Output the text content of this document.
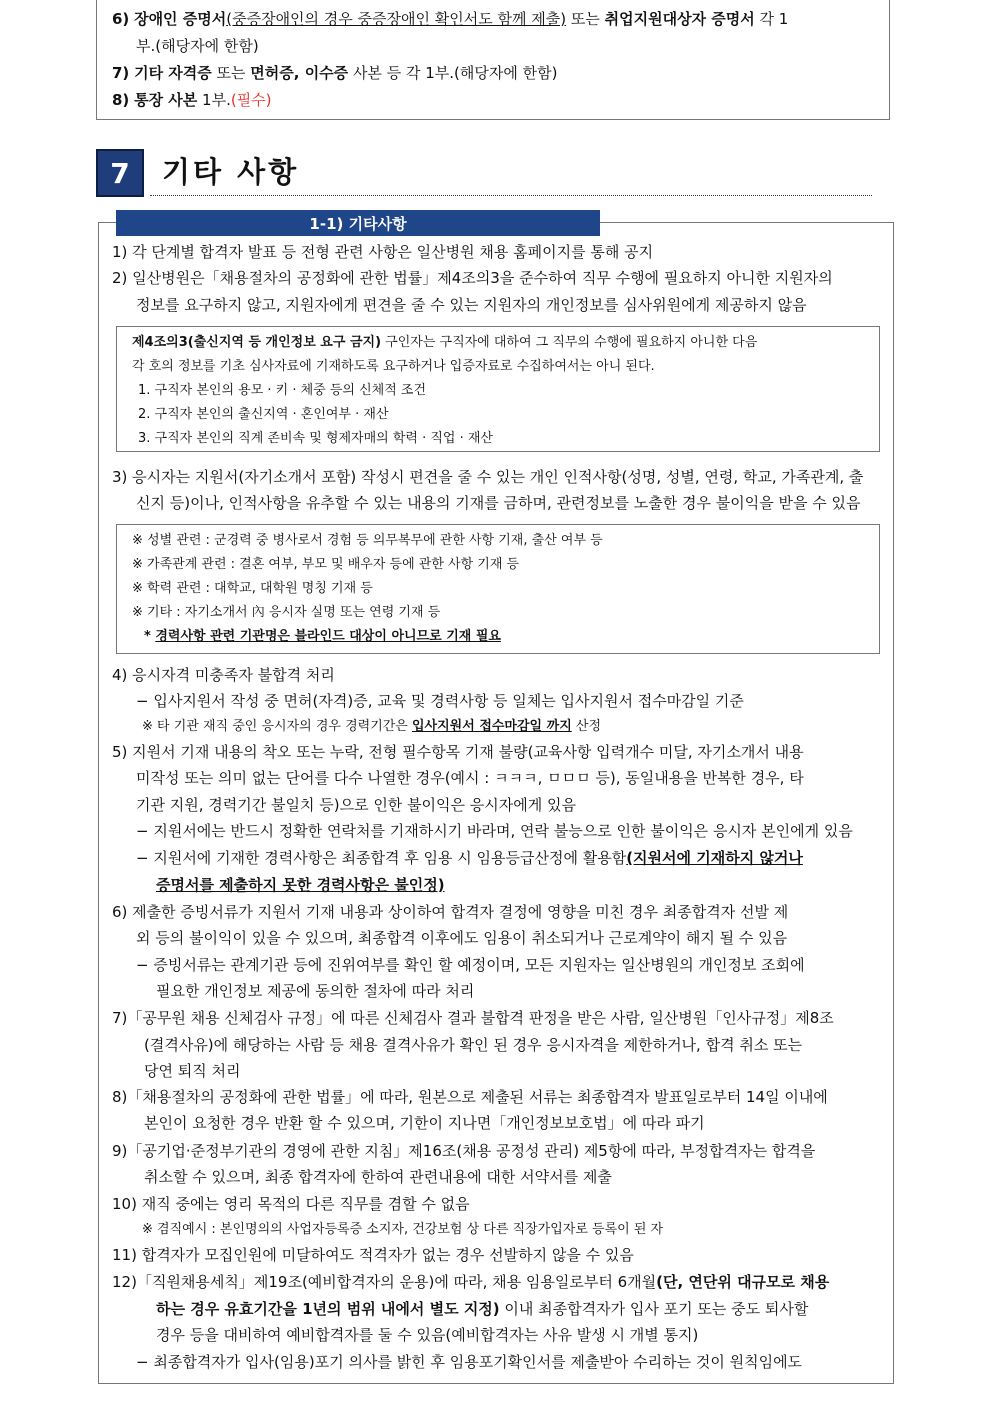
6) 장애인 증명서(중증장애인의 경우 중증장애인 확인서도 함께 제출) 또는 취업지원대상자 증명서 각 1
부.(해당자에 한함)
7) 기타 자격증 또는 면허증, 이수증 사본 등 각 1부.(해당자에 한함)
8) 통장 사본 1부.(필수)
7	기타 사항
1-1) 기타사항
1) 각 단계별 합격자 발표 등 전형 관련 사항은 일산병원 채용 홈페이지를 통해 공지
2) 일산병원은「채용절차의 공정화에 관한 법률」제4조의3을 준수하여 직무 수행에 필요하지 아니한 지원자의
정보를 요구하지 않고, 지원자에게 편견을 줄 수 있는 지원자의 개인정보를 심사위원에게 제공하지 않음
제4조의3(출신지역 등 개인정보 요구 금지) 구인자는 구직자에 대하여 그 직무의 수행에 필요하지 아니한 다음
각 호의 정보를 기초 심사자료에 기재하도록 요구하거나 입증자료로 수집하여서는 아니 된다.
1. 구직자 본인의 용모 · 키 · 체중 등의 신체적 조건
2. 구직자 본인의 출신지역 · 혼인여부 · 재산
3. 구직자 본인의 직계 존비속 및 형제자매의 학력 · 직업 · 재산
3) 응시자는 지원서(자기소개서 포함) 작성시 편견을 줄 수 있는 개인 인적사항(성명, 성별, 연령, 학교, 가족관계, 출
신지 등)이나, 인적사항을 유추할 수 있는 내용의 기재를 금하며, 관련정보를 노출한 경우 불이익을 받을 수 있음
※ 성별 관련 : 군경력 중 병사로서 경험 등 의무복무에 관한 사항 기재, 출산 여부 등
※ 가족관계 관련 : 결혼 여부, 부모 및 배우자 등에 관한 사항 기재 등
※ 학력 관련 : 대학교, 대학원 명칭 기재 등
※ 기타 : 자기소개서 內 응시자 실명 또는 연령 기재 등
* 경력사항 관련 기관명은 블라인드 대상이 아니므로 기재 필요
4) 응시자격 미충족자 불합격 처리
− 입사지원서 작성 중 면허(자격)증, 교육 및 경력사항 등 일체는 입사지원서 접수마감일 기준
※ 타 기관 재직 중인 응시자의 경우 경력기간은 입사지원서 접수마감일 까지 산정
5) 지원서 기재 내용의 착오 또는 누락, 전형 필수항목 기재 불량(교육사항 입력개수 미달, 자기소개서 내용
미작성 또는 의미 없는 단어를 다수 나열한 경우(예시 : ㅋㅋㅋ, ㅁㅁㅁ 등), 동일내용을 반복한 경우, 타
기관 지원, 경력기간 불일치 등)으로 인한 불이익은 응시자에게 있음
− 지원서에는 반드시 정확한 연락처를 기재하시기 바라며, 연락 불능으로 인한 불이익은 응시자 본인에게 있음
− 지원서에 기재한 경력사항은 최종합격 후 임용 시 임용등급산정에 활용함(지원서에 기재하지 않거나
증명서를 제출하지 못한 경력사항은 불인정)
6) 제출한 증빙서류가 지원서 기재 내용과 상이하여 합격자 결정에 영향을 미친 경우 최종합격자 선발 제
외 등의 불이익이 있을 수 있으며, 최종합격 이후에도 임용이 취소되거나 근로계약이 해지 될 수 있음
− 증빙서류는 관계기관 등에 진위여부를 확인 할 예정이며, 모든 지원자는 일산병원의 개인정보 조회에
필요한 개인정보 제공에 동의한 절차에 따라 처리
7)「공무원 채용 신체검사 규정」에 따른 신체검사 결과 불합격 판정을 받은 사람, 일산병원「인사규정」제8조
(결격사유)에 해당하는 사람 등 채용 결격사유가 확인 된 경우 응시자격을 제한하거나, 합격 취소 또는
당연 퇴직 처리
8)「채용절차의 공정화에 관한 법률」에 따라, 원본으로 제출된 서류는 최종합격자 발표일로부터 14일 이내에
본인이 요청한 경우 반환 할 수 있으며, 기한이 지나면「개인정보보호법」에 따라 파기
9)「공기업·준정부기관의 경영에 관한 지침」제16조(채용 공정성 관리) 제5항에 따라, 부정합격자는 합격을
취소할 수 있으며, 최종 합격자에 한하여 관련내용에 대한 서약서를 제출
10) 재직 중에는 영리 목적의 다른 직무를 겸할 수 없음
※ 겸직예시 : 본인명의의 사업자등록증 소지자, 건강보험 상 다른 직장가입자로 등록이 된 자
11) 합격자가 모집인원에 미달하여도 적격자가 없는 경우 선발하지 않을 수 있음
12)「직원채용세칙」제19조(예비합격자의 운용)에 따라, 채용 임용일로부터 6개월(단, 연단위 대규모로 채용
하는 경우 유효기간을 1년의 범위 내에서 별도 지정) 이내 최종합격자가 입사 포기 또는 중도 퇴사할
경우 등을 대비하여 예비합격자를 둘 수 있음(예비합격자는 사유 발생 시 개별 통지)
− 최종합격자가 입사(임용)포기 의사를 밝힌 후 임용포기확인서를 제출받아 수리하는 것이 원칙임에도
